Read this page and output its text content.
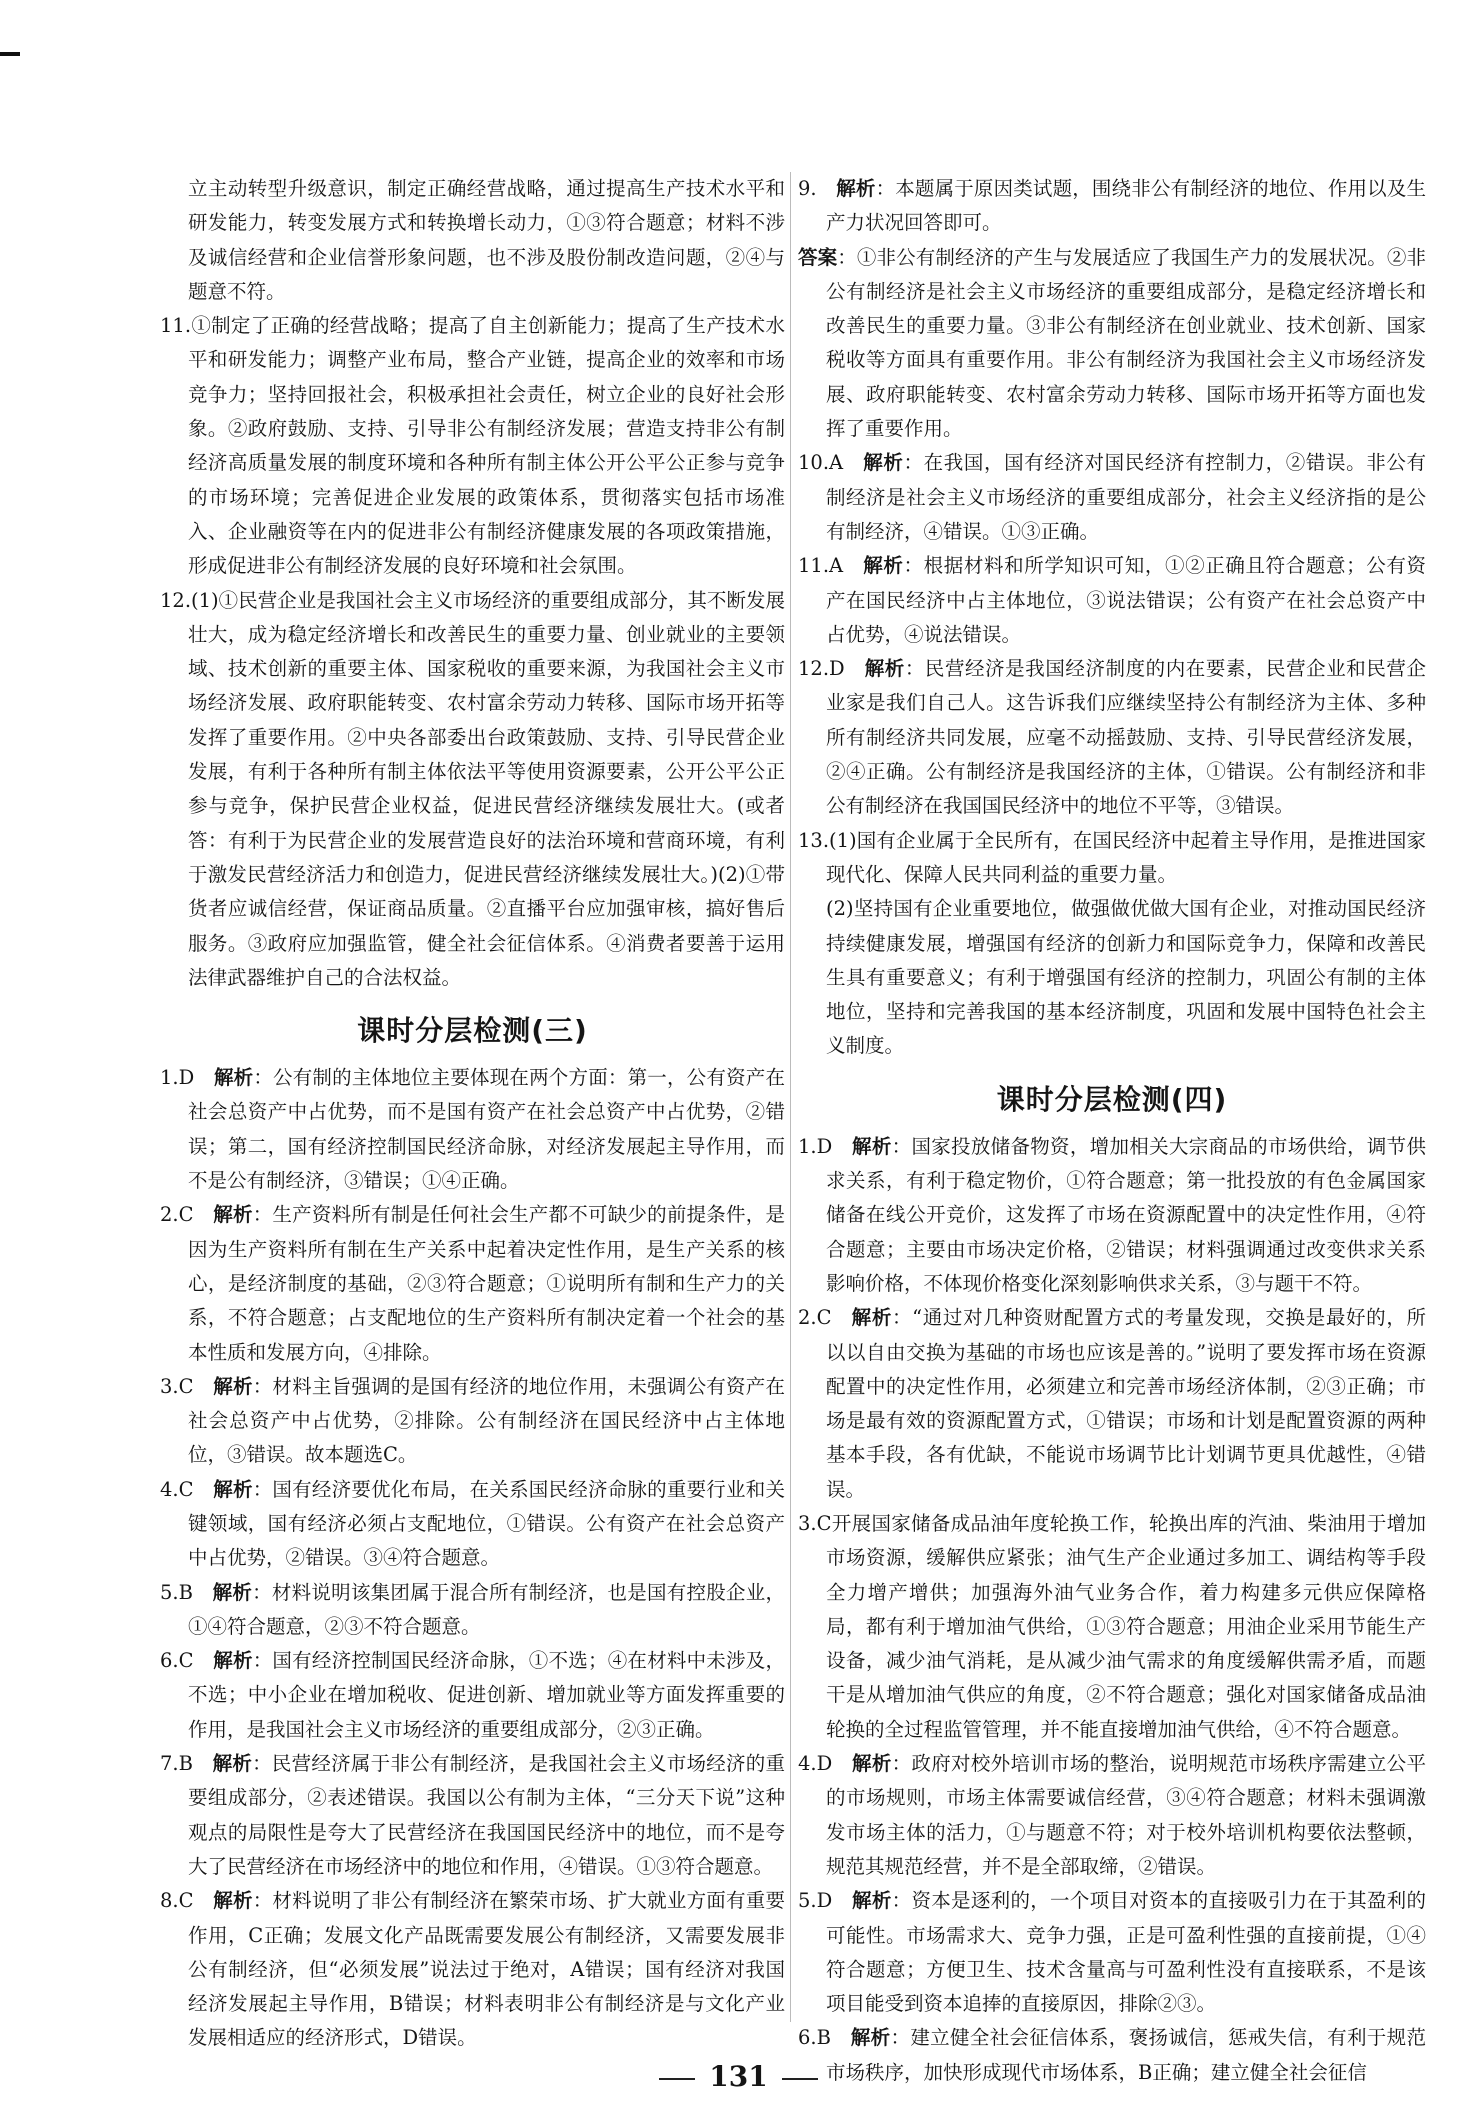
立主动转型升级意识，制定正确经营战略，通过提高生产技术水平和研发能力，转变发展方式和转换增长动力，①③符合题意；材料不涉及诚信经营和企业信誉形象问题，也不涉及股份制改造问题，②④与题意不符。

11.①制定了正确的经营战略；提高了自主创新能力；提高了生产技术水平和研发能力；调整产业布局，整合产业链，提高企业的效率和市场竞争力；坚持回报社会，积极承担社会责任，树立企业的良好社会形象。②政府鼓励、支持、引导非公有制经济发展；营造支持非公有制经济高质量发展的制度环境和各种所有制主体公开公平公正参与竞争的市场环境；完善促进企业发展的政策体系，贯彻落实包括市场准入、企业融资等在内的促进非公有制经济健康发展的各项政策措施，形成促进非公有制经济发展的良好环境和社会氛围。

12.(1)①民营企业是我国社会主义市场经济的重要组成部分，其不断发展壮大，成为稳定经济增长和改善民生的重要力量、创业就业的主要领域、技术创新的重要主体、国家税收的重要来源，为我国社会主义市场经济发展、政府职能转变、农村富余劳动力转移、国际市场开拓等发挥了重要作用。②中央各部委出台政策鼓励、支持、引导民营企业发展，有利于各种所有制主体依法平等使用资源要素，公开公平公正参与竞争，保护民营企业权益，促进民营经济继续发展壮大。(或者答：有利于为民营企业的发展营造良好的法治环境和营商环境，有利于激发民营经济活力和创造力，促进民营经济继续发展壮大。)(2)①带货者应诚信经营，保证商品质量。②直播平台应加强审核，搞好售后服务。③政府应加强监管，健全社会征信体系。④消费者要善于运用法律武器维护自己的合法权益。

课时分层检测(三)

1.D 解析：公有制的主体地位主要体现在两个方面：第一，公有资产在社会总资产中占优势，而不是国有资产在社会总资产中占优势，②错误；第二，国有经济控制国民经济命脉，对经济发展起主导作用，而不是公有制经济，③错误；①④正确。

2.C 解析：生产资料所有制是任何社会生产都不可缺少的前提条件，是因为生产资料所有制在生产关系中起着决定性作用，是生产关系的核心，是经济制度的基础，②③符合题意；①说明所有制和生产力的关系，不符合题意；占支配地位的生产资料所有制决定着一个社会的基本性质和发展方向，④排除。

3.C 解析：材料主旨强调的是国有经济的地位作用，未强调公有资产在社会总资产中占优势，②排除。公有制经济在国民经济中占主体地位，③错误。故本题选C。

4.C 解析：国有经济要优化布局，在关系国民经济命脉的重要行业和关键领域，国有经济必须占支配地位，①错误。公有资产在社会总资产中占优势，②错误。③④符合题意。

5.B 解析：材料说明该集团属于混合所有制经济，也是国有控股企业，①④符合题意，②③不符合题意。

6.C 解析：国有经济控制国民经济命脉，①不选；④在材料中未涉及，不选；中小企业在增加税收、促进创新、增加就业等方面发挥重要的作用，是我国社会主义市场经济的重要组成部分，②③正确。

7.B 解析：民营经济属于非公有制经济，是我国社会主义市场经济的重要组成部分，②表述错误。我国以公有制为主体，“三分天下说”这种观点的局限性是夸大了民营经济在我国国民经济中的地位，而不是夸大了民营经济在市场经济中的地位和作用，④错误。①③符合题意。

8.C 解析：材料说明了非公有制经济在繁荣市场、扩大就业方面有重要作用，C正确；发展文化产品既需要发展公有制经济，又需要发展非公有制经济，但“必须发展”说法过于绝对，A错误；国有经济对我国经济发展起主导作用，B错误；材料表明非公有制经济是与文化产业发展相适应的经济形式，D错误。

9. 解析：本题属于原因类试题，围绕非公有制经济的地位、作用以及生产力状况回答即可。

答案：①非公有制经济的产生与发展适应了我国生产力的发展状况。②非公有制经济是社会主义市场经济的重要组成部分，是稳定经济增长和改善民生的重要力量。③非公有制经济在创业就业、技术创新、国家税收等方面具有重要作用。非公有制经济为我国社会主义市场经济发展、政府职能转变、农村富余劳动力转移、国际市场开拓等方面也发挥了重要作用。

10.A 解析：在我国，国有经济对国民经济有控制力，②错误。非公有制经济是社会主义市场经济的重要组成部分，社会主义经济指的是公有制经济，④错误。①③正确。

11.A 解析：根据材料和所学知识可知，①②正确且符合题意；公有资产在国民经济中占主体地位，③说法错误；公有资产在社会总资产中占优势，④说法错误。

12.D 解析：民营经济是我国经济制度的内在要素，民营企业和民营企业家是我们自己人。这告诉我们应继续坚持公有制经济为主体、多种所有制经济共同发展，应毫不动摇鼓励、支持、引导民营经济发展，②④正确。公有制经济是我国经济的主体，①错误。公有制经济和非公有制经济在我国国民经济中的地位不平等，③错误。

13.(1)国有企业属于全民所有，在国民经济中起着主导作用，是推进国家现代化、保障人民共同利益的重要力量。

(2)坚持国有企业重要地位，做强做优做大国有企业，对推动国民经济持续健康发展，增强国有经济的创新力和国际竞争力，保障和改善民生具有重要意义；有利于增强国有经济的控制力，巩固公有制的主体地位，坚持和完善我国的基本经济制度，巩固和发展中国特色社会主义制度。

课时分层检测(四)

1.D 解析：国家投放储备物资，增加相关大宗商品的市场供给，调节供求关系，有利于稳定物价，①符合题意；第一批投放的有色金属国家储备在线公开竞价，这发挥了市场在资源配置中的决定性作用，④符合题意；主要由市场决定价格，②错误；材料强调通过改变供求关系影响价格，不体现价格变化深刻影响供求关系，③与题干不符。

2.C 解析：“通过对几种资财配置方式的考量发现，交换是最好的，所以以自由交换为基础的市场也应该是善的。”说明了要发挥市场在资源配置中的决定性作用，必须建立和完善市场经济体制，②③正确；市场是最有效的资源配置方式，①错误；市场和计划是配置资源的两种基本手段，各有优缺，不能说市场调节比计划调节更具优越性，④错误。

3.C开展国家储备成品油年度轮换工作，轮换出库的汽油、柴油用于增加市场资源，缓解供应紧张；油气生产企业通过多加工、调结构等手段全力增产增供；加强海外油气业务合作，着力构建多元供应保障格局，都有利于增加油气供给，①③符合题意；用油企业采用节能生产设备，减少油气消耗，是从减少油气需求的角度缓解供需矛盾，而题干是从增加油气供应的角度，②不符合题意；强化对国家储备成品油轮换的全过程监管管理，并不能直接增加油气供给，④不符合题意。

4.D 解析：政府对校外培训市场的整治，说明规范市场秩序需建立公平的市场规则，市场主体需要诚信经营，③④符合题意；材料未强调激发市场主体的活力，①与题意不符；对于校外培训机构要依法整顿，规范其规范经营，并不是全部取缔，②错误。

5.D 解析：资本是逐利的，一个项目对资本的直接吸引力在于其盈利的可能性。市场需求大、竞争力强，正是可盈利性强的直接前提，①④符合题意；方便卫生、技术含量高与可盈利性没有直接联系，不是该项目能受到资本追捧的直接原因，排除②③。

6.B 解析：建立健全社会征信体系，褒扬诚信，惩戒失信，有利于规范市场秩序，加快形成现代市场体系，B正确；建立健全社会征信

131
